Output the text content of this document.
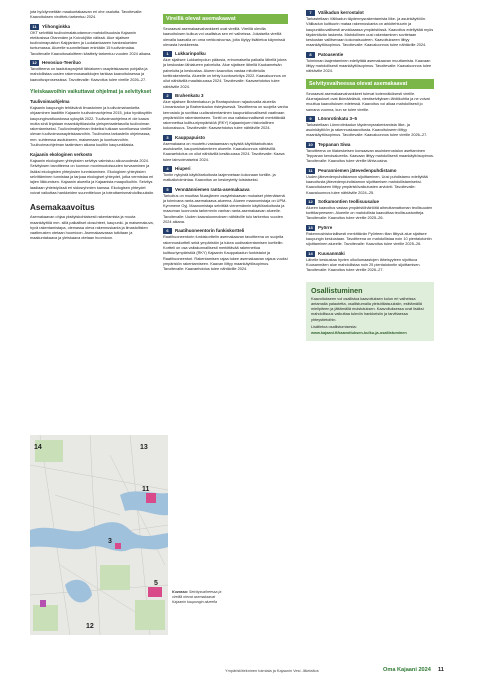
jota hyödynnetään maakuntakaavan eri ohe osalutta. Tavoitevalle: Kaavoituksen viroittelu tarkentuu 2024.

11	Ylihonginkka

OKT selvittää tuulivoimalatuotannon mahdollisuuksia Kajaanin eteläosissa Otanmäen ja Koivuky̆län välissä. Alue sijaitsee tuulivoimapuiston Kalpjanken ja Luolalankaaren hankealueiden tuntumassa. Alueelle suunnitellaan enintään 15 tuulivoimalaa. Tavoitevalle Kaavoitusaloitteen käsittely tarkentuu vuoden 2024 aikana.

12	Hevosiuo-Teeriluo

Tavoitteena on laadutusprojekti lähialueen osayleiskaavan pohjalta ja mahdollistaa uusien rakennusasaikkojen tarkkaa kaavoituksessa ja kaavoitusprosessissa. Tavoitevalle: Kaavoitus tulee vireille 2026–27.

Yleiskaavoihin vaikuttavat ohjelmat ja selvitykset
Tuulivoimaohjelma

Kajaanin kaupungin tehtävänä ilmastoinen ja tuulivoimahanketta ohjaaminen laadittin Kajaanin tuulivoimaohjelma 2015, joka hyväksyttiin kaupunginvaltuustossa syksyllä 2022. Tuulivoimaohjelma ei ole kaava mutta sinä linjataan maankäyttöasioita yleisperiaatetasolla tuulivoiman rakentamiseksi. Tuulivoimahjelman tinkeiksi tutkaan sovelluessa vireille olevan tuulivoimaosayleiskaavoihin. Tuulivoima tarkastelin ohjelmassa, mm. suhteessa asutukseen, maisemaan ja luontoarvoihin. Tuulivoimaohjelman taatimisen aikana kuultiin kaupunkilaisia.

Kajaanin ekologinen verkosto

Kajaanin ekologisen yhteyksien selvitys valmistuu alkuvuodesta 2024. Selvityksen tavoitteena on luonnon monimuotoisuuden turvaaminen ja lisäksi ekologisten yhteyksien tunnistaminen. Ekologinen yhteyksien selvittäminen tunnistaa ja tarjoaa ekologiset yhteydet, jotka vermistaa eri lajien liikkumisen. Kajaanin alueella ja Kajaanista maapolkuihin. Selvitys laadiaan yhteistyössä eri sidosryhmien kanssa. Ekologisen yhteydet voivat vaikuttaa hankkeiden suunnitteluun ja toteuttamismahdollisuuksiin.

Asemakaavoitus

Asemakaavan ohjaa yksityiskohtaisesti rakentamista ja muuta maankäyttöä mm. sillä paikalliset olosuhteet, kaupunki- ja maisemakuva, hyvä rakentamistapa, olemassa oleva rakennuskanta ja ilmastollisten vaatimusten otetaan huomioon. Asemakaavassa tutkitaan ja maakuntakaava ja yleiskaava otetaan huomioon.

Vireillä olevat asemakaavat

Seuraavat asemakaavahankkeet ovat vireillä. Vireillä olevilla kaavoituksen kulkua voi osallistua sen eri vaiheissa. Jokaisella vireillä olevalla kaavalla on oma verkkosivunsa, jolta löytyy lisätietoa käynnissä olevasta hankkeesta.

1	Lukkarinpolku

Alue sijaitsee Lukkarinpolun pääosia, erinomaisella paikalla lähellä jokea ja keskustan lähialueen palveluita. Alue sijaitsee lähellä Kaukametsän palveluita ja keskustaa. Alueen kaavoitus vastaa mitoitetulla tonttirakenteella. Alueelle on tehty luontoselvitys 2022. Kaavaluonnos on ollut nähtävillä maaliskuussa 2024. Tavoitevalle: Kaavaehdotus tulee nähtäville 2024.

2	Brahenkatu 3

Alue sijaitsee Brahenkatuun ja Rantapuistoon rajautuvalla alueella Linnankadun ja Brahenkadun risteyksessä. Tavoitteena on suojella vanha kerrostalo ja sovittaa uudisrakentaminen kaupunkikuvallisesti vaativaan ympäristöön rakentamiseen. Tontti on osa valtakunnallisesti merkittävää rakennettua kulttuuriympäristöä (RKY) Kajaaninjoen historiallinen kokonaisuus. Tavoitevalle: Kaavaehdotus tulee nähtäville 2024.

3	Kauppapuisto

Asemakaava on muutettu vastaamaan nykyistä käyttötarkoitusta asutukselle, kaupunkirakenteen alueelle. Kaavaluonnos nähtävillä. Kaavaehdotus on ollut nähtävillä kesäkuussa 2024. Tavoitevalle: Kaava tulee lainvoimaiseksi 2024.

4	Hiuperi

Tontin nykyistä käyttötarkoitusta laajennetaan kokonaan tontille- ja matkailutoimintaa. Kaavoitus on keskeytetty toistaiseksi.

5	Vennäänniemen ranta-asemakaava

Tarkoitus on muuttaa Nuasjärven osayleiskaavan mukaiset yhtenäisenä ja toimivana ranta-asemakaava-alueena. Alueen maanomistaja on UPM-Kymmene Oyj. Maanomistaja selvittää vienemännin käyttötarkoitusta ja maaoman luonnosta tarkemmin vanhan ranta-asemakaavan alueelle. Tavoitevalle: Uuden kaavaluonnoksen nähtäville tulo tarkentuu vuoden 2024 aikana.

6	Raatihuoneentorin funkiskortteli

Raatihuoneentorin funkiskorttelin asemakaavan tavoitteena on suojella rakennuskortteli sekä ympäristön ja tukea uudisrakentamisen kortteliin. Kortteli on osa valtakunnallisesti merkittävää rakennettua kulttuuriympäristöä (RKY) Kajaanin Kauppakadun funkistalot ja Raatihuoneentori. Rakentamisen rajaa tukee asemakaavan rajaus vuoksi ympäristön rakentamiseen. Kaavan liittyy maankäyttösopimus. Tavoitevalle: Kaavaehdotus tulee nähtäville 2024.

7	Välikadun kerrostalot

Tarkastellaan Välikadun täydennysrakentamista liike- ja asuinkäyttöön. Välikadun kulttuurin mataa rakennuskanta on arkkitehtuurin ja kaupunkikuvallisesti arvokkaassa ympäristössä. Kaavoitus edellyttää myös täydentävän laskenta. Mahdollinen uusi rakentaminen sovitetaan keskustan vallitsevaan kokonaisuuteen. Kaavoitukseen liittyy maankäyttösopimus. Tavoitevalle: Kaavaluonnos tulee nähtäville 2024.

8	Patoasentie

Toiminnan laajentaminen edellyttää asemakaavan muuttamista. Kaavaan liittyy mahdollisesti maankäyttösopimus. Tavoitevalle: Kaavaluonnos tulee nähtäville 2024.

Selvitysvaiheessa olevat asemakaavat

Seuraavat asemakaavahankkeet tulevat todennäköisesti vireille. Aluerajaukset ovat likimääräisiä, viestiselvityksen lähtökohtia ja ne voivat muuttua kaavoituksen edetessä. Kaavoitus voi alkaa mahdollisesti jo samana vuonna, kun se tulee vireille.

9	Lönnrotinkatu 3–5

Tarkastellaan Lönnrotinkadun täydennysrakentamista liike- ja asuinkäyttöön ja rakennuskaavoitusta. Kaavoitukseen liittyy maankäyttösopimus. Tavoitevalle: Kaavaluonnos tulee vireille 2026–27.

10	Teppanan Siwa

Tavoitteena on tilakeskeisen konsaavan asuinkerrostalon asettaminen Teppanan keroisalueella. Kaavaan liittyy mahdollisesti maankäyttösopimus. Tavoitevalle: Kaavoitus tulee vireille lähivuosina.

11	Peuranniemen jätevedenpuhdistamo

Uuden jätevedenpuhdistamon sijoittaminen. Uusi puhdistamo edellyttää kaavoitusta jätevedenpuhdistamon sijoittamisen mahdollistamiseksi. Kaavoitukseen liittyy ympäristövaikutusten arviointi. Tavoitevalle: Kaavaluonnos tulee nähtäville 2024–25.

12	Sotkamontien teollisuusalue

Alueen kaavoitus vastaa ympäristöhäiriöitä aiheuttamattoman teollisuuden tonttitarpeeseen. Alueelle on mahdollista kaavoittaa teollisuustontteja. Tavoitevalle: Kaavoitus tulee vireille 2025–26.

13	Pyörre

Rakennushistoriallisesti merkittävän Pyörteen tilan liittyvä alue sijaitsee kaupungin keskustaan. Tavoitteena on mahdollistaa noin 10 pientalotontin sijoittaminen alueelle. Tavoitevalle: Kaavoitus tulee vireille 2025–26.

14	Kuusanmäki

Lähelle keskustaa hyvien ulkoilumaastojen läheisyyteen sijoittuva Kuusanmäen alue mahdollistaa noin 25 pientalotontin sijoittamisen. Tavoitevalle: Kaavoitus tulee vireille 2026–27.

Osallistuminen

Kaavoitukseen voi osallistua kaavoituksen kulun eri vaiheissa antamalla palautetta, osallistumalla yleisötilaisuuksiin, esittämällä mielipiteen ja jättämällä muistutuksen. Kaavoituksessa ovat lisäksi mahdollisuus vaikuttaa tuleviin hankkeisiin ja tarvittaessa yhteystietoihin.

Lisätietoa osallistumisesta:

www.kajaani.fi/kaavoituksen-kulku-ja-osallistuminen
14
12
5
13
3
11
Kuvassa: Selvitysvaiheessa ja vireillä olevat asemakaavat Kajaanin kaupungin alueella
Ympäristötekninen toimiala ja Kajaanin Vesi -liikelaitos	Oma Kajaani 2024 11
